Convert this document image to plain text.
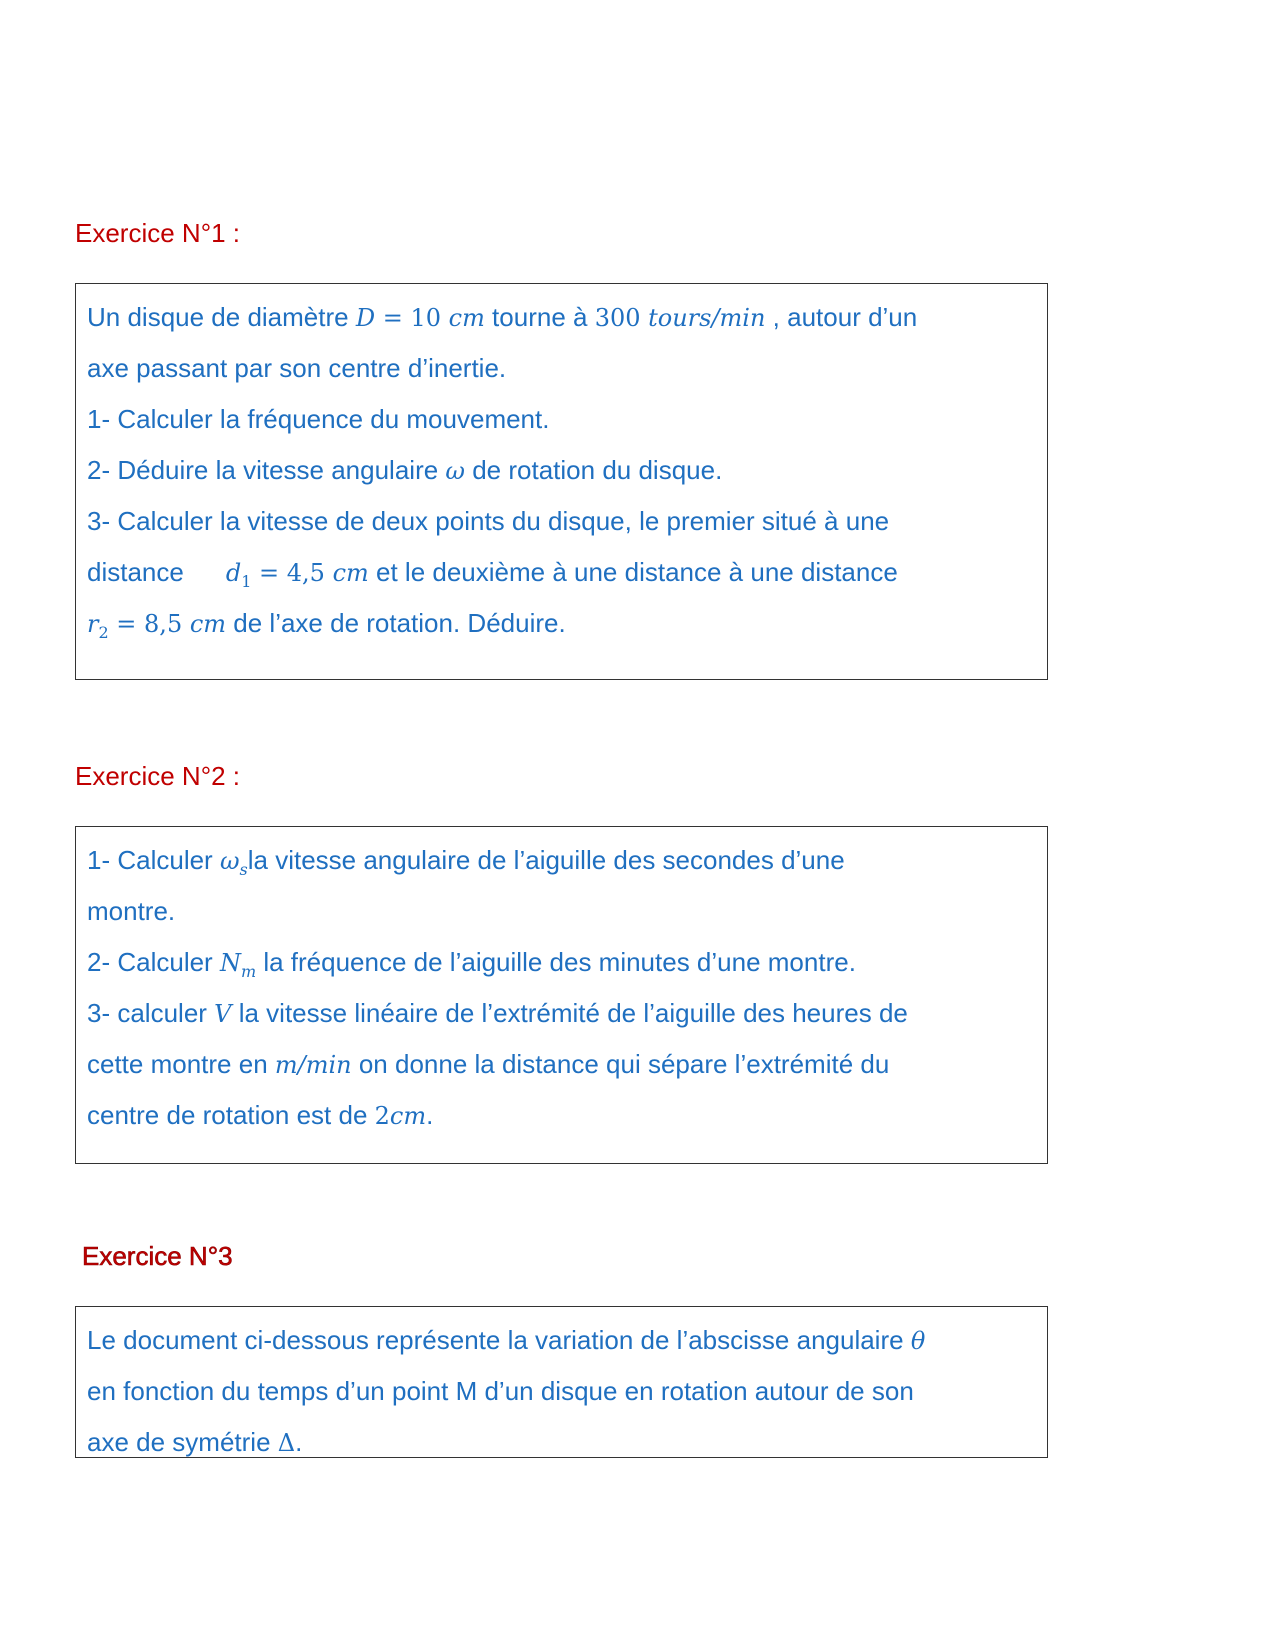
Exercice N°1 :
Un disque de diamètre D = 10 cm tourne à 300 tours/min , autour d’un
axe passant par son centre d’inertie.
1- Calculer la fréquence du mouvement.
2- Déduire la vitesse angulaire ω de rotation du disque.
3- Calculer la vitesse de deux points du disque, le premier situé à une
distance $d_1 = 4,5$ cm et le deuxième à une distance à une distance
$r_2 = 8,5$ cm de l’axe de rotation. Déduire.
Exercice N°2 :
1- Calculer $\omega_sla$ vitesse angulaire de l’aiguille des secondes d’une
montre.
2- Calculer $N_m$ la fréquence de l’aiguille des minutes d’une montre.
3- calculer V la vitesse linéaire de l’extrémité de l’aiguille des heures de
cette montre en m/min on donne la distance qui sépare l’extrémité du
centre de rotation est de 2cm.
Exercice N°3
Le document ci-dessous représente la variation de l’abscisse angulaire θ
en fonction du temps d’un point M d’un disque en rotation autour de son
axe de symétrie Δ.
